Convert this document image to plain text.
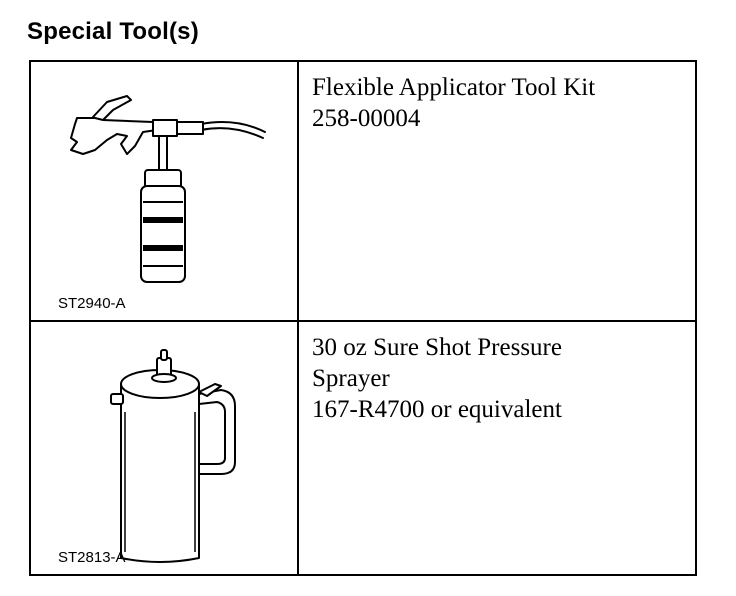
Special Tool(s)
ST2940-A
Flexible Applicator Tool Kit
258-00004
ST2813-A
30 oz Sure Shot Pressure
Sprayer
167-R4700 or equivalent
